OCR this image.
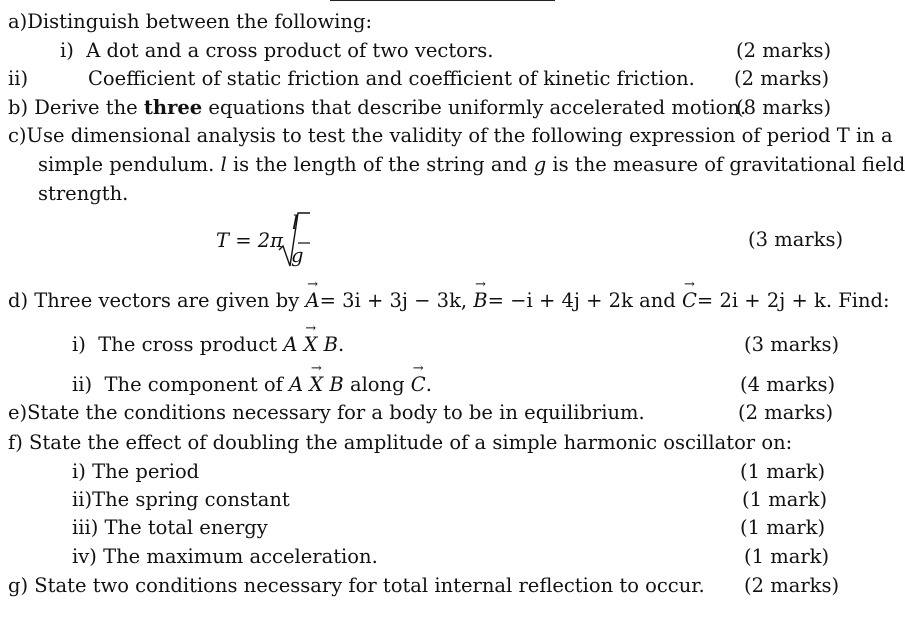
a)Distinguish between the following:
i) A dot and a cross product of two vectors.	(2 marks)
ii)	Coefficient of static friction and coefficient of kinetic friction. (2 marks)
b) Derive the three equations that describe uniformly accelerated motion.
(8 marks)
c)Use dimensional analysis to test the validity of the following expression of period T in a
simple pendulum. l is the length of the string and g is the measure of gravitational field
strength.
T = 2π
l
g
(3 marks)
d) Three vectors are given by → A= 3i + 3j − 3k, → B= −i + 4j + 2k and → C= 2i + 2j + k. Find:
i) The cross product → A X B.	(3 marks)
ii) The component of → A X B along → C.	(4 marks)
e)State the conditions necessary for a body to be in equilibrium.	(2 marks)
f) State the effect of doubling the amplitude of a simple harmonic oscillator on:
i) The period	(1 mark)
ii)The spring constant	(1 mark)
iii) The total energy	(1 mark)
iv) The maximum acceleration.	(1 mark)
g) State two conditions necessary for total internal reflection to occur. (2 marks)
